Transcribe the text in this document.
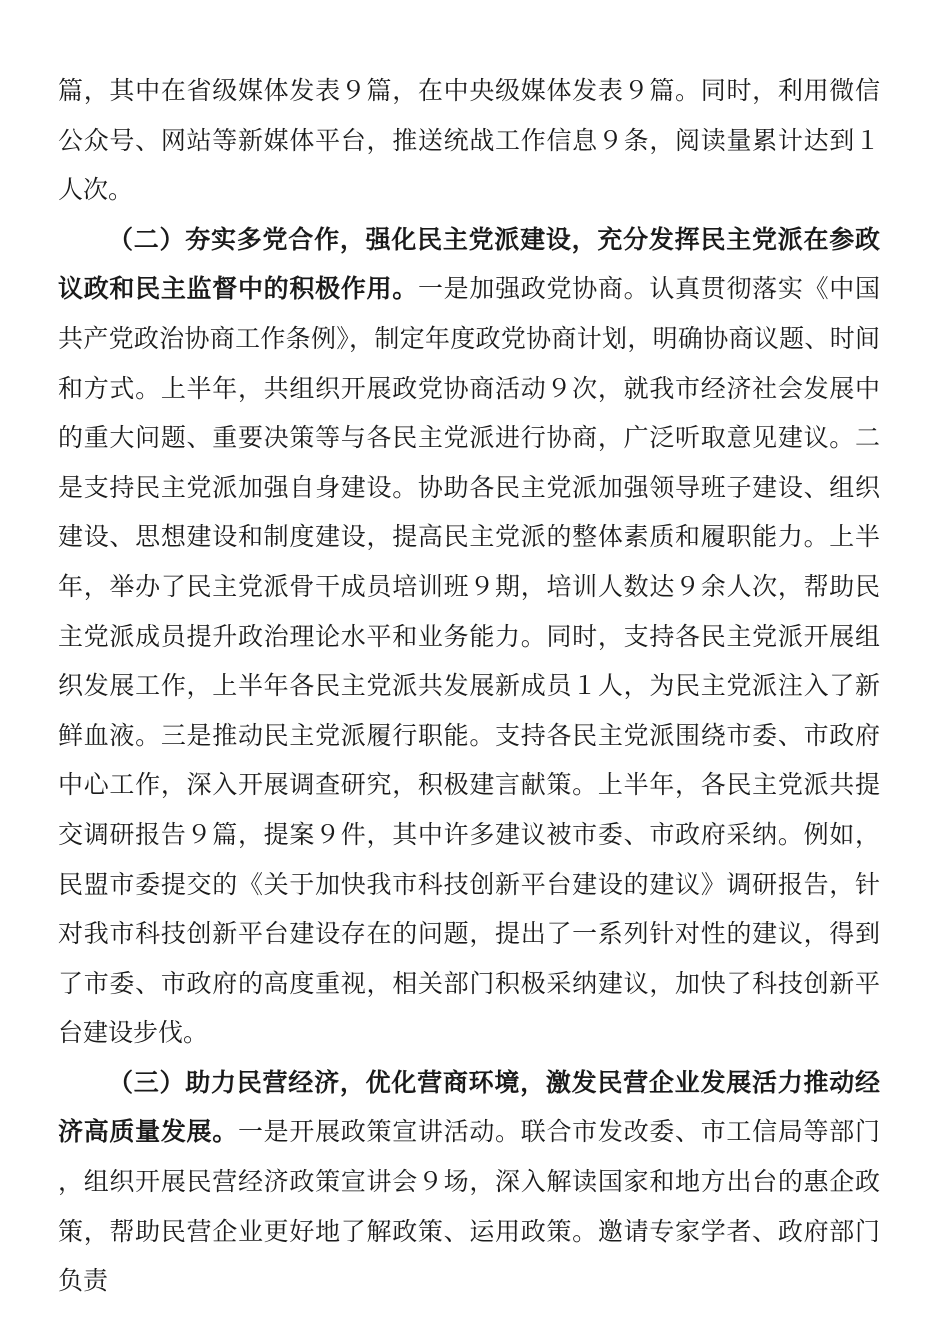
篇，其中在省级媒体发表９篇，在中央级媒体发表９篇。同时，利用微信公众号、网站等新媒体平台，推送统战工作信息９条，阅读量累计达到１人次。

（二）夯实多党合作，强化民主党派建设，充分发挥民主党派在参政议政和民主监督中的积极作用。一是加强政党协商。认真贯彻落实《中国共产党政治协商工作条例》，制定年度政党协商计划，明确协商议题、时间和方式。上半年，共组织开展政党协商活动９次，就我市经济社会发展中的重大问题、重要决策等与各民主党派进行协商，广泛听取意见建议。二是支持民主党派加强自身建设。协助各民主党派加强领导班子建设、组织建设、思想建设和制度建设，提高民主党派的整体素质和履职能力。上半年，举办了民主党派骨干成员培训班９期，培训人数达９余人次，帮助民主党派成员提升政治理论水平和业务能力。同时，支持各民主党派开展组织发展工作，上半年各民主党派共发展新成员１人，为民主党派注入了新鲜血液。三是推动民主党派履行职能。支持各民主党派围绕市委、市政府中心工作，深入开展调查研究，积极建言献策。上半年，各民主党派共提交调研报告９篇，提案９件，其中许多建议被市委、市政府采纳。例如，民盟市委提交的《关于加快我市科技创新平台建设的建议》调研报告，针对我市科技创新平台建设存在的问题，提出了一系列针对性的建议，得到了市委、市政府的高度重视，相关部门积极采纳建议，加快了科技创新平台建设步伐。

（三）助力民营经济，优化营商环境，激发民营企业发展活力推动经济高质量发展。一是开展政策宣讲活动。联合市发改委、市工信局等部门，组织开展民营经济政策宣讲会９场，深入解读国家和地方出台的惠企政策，帮助民营企业更好地了解政策、运用政策。邀请专家学者、政府部门负责
